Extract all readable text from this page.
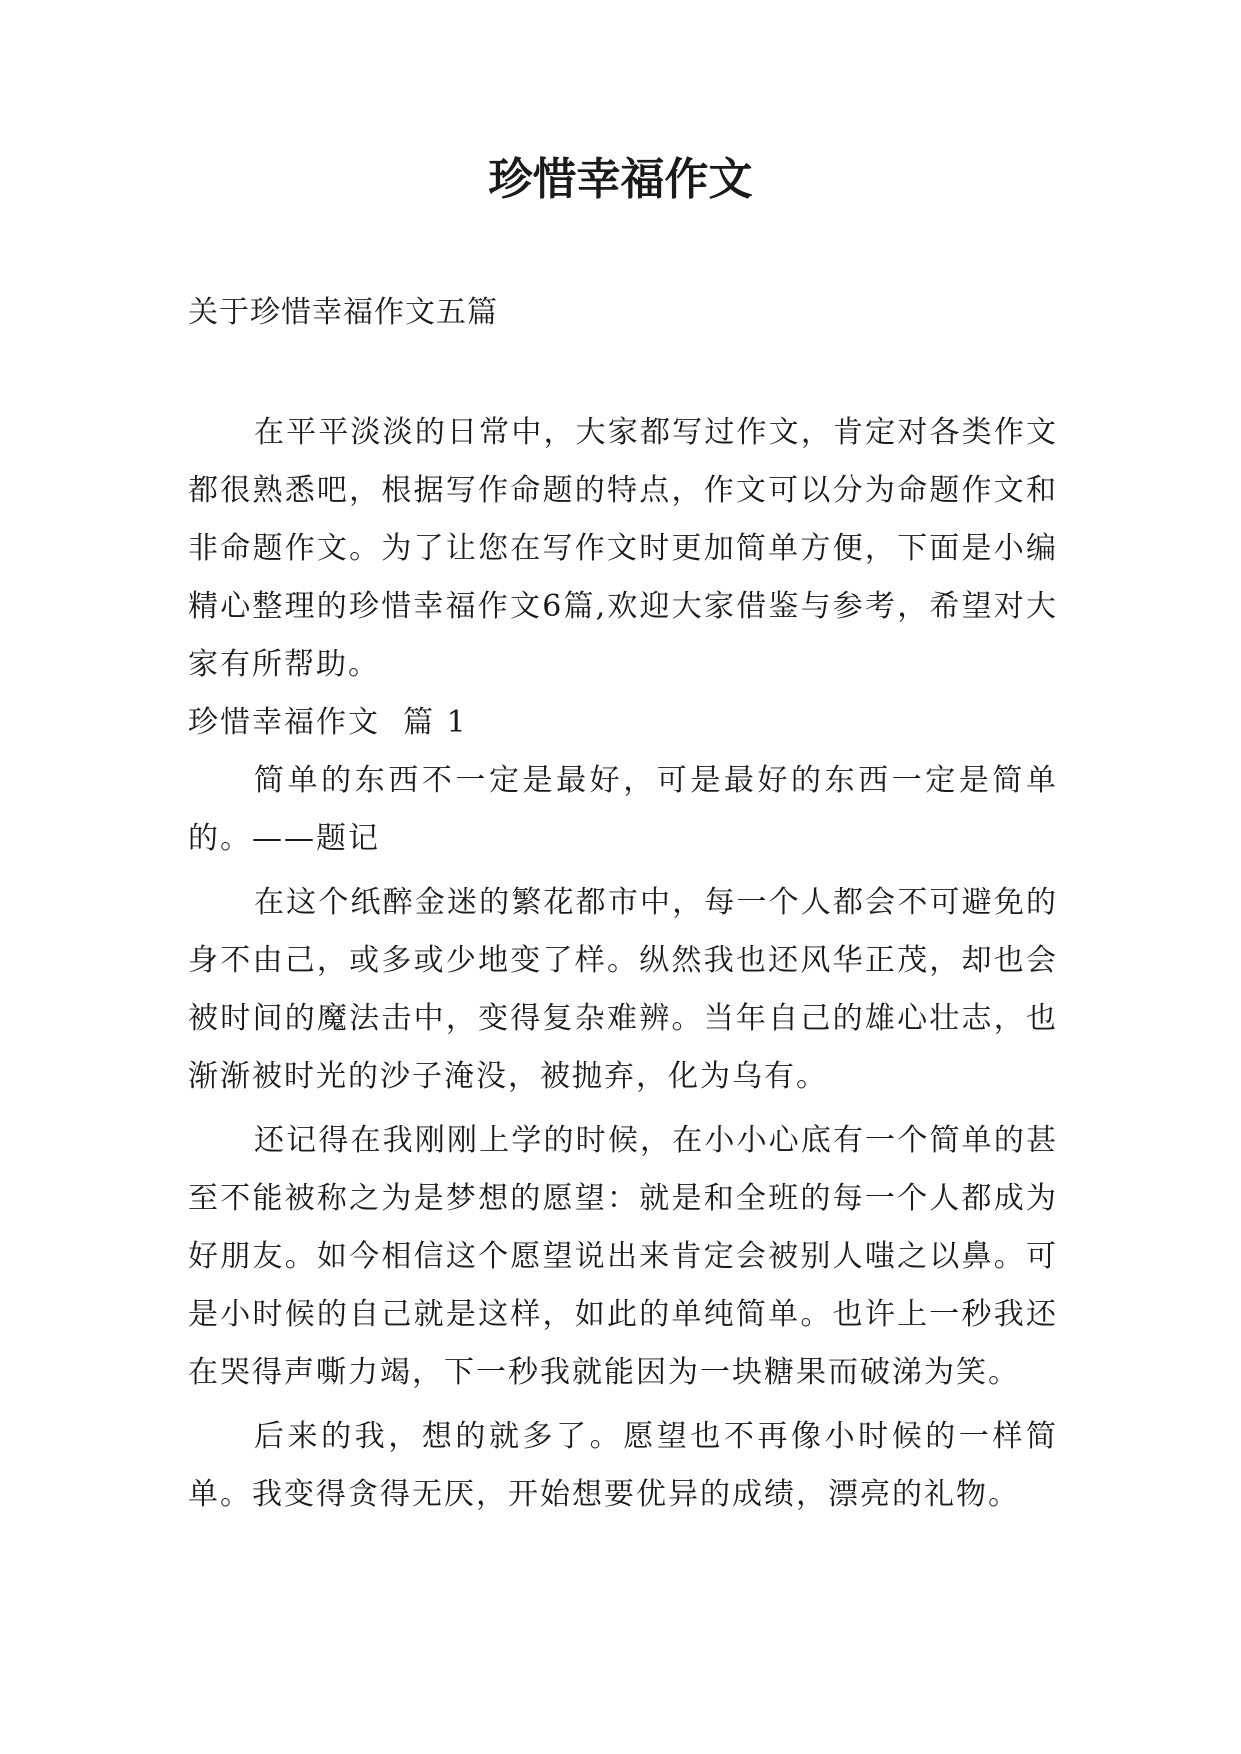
珍惜幸福作文

关于珍惜幸福作文五篇

在平平淡淡的日常中，大家都写过作文，肯定对各类作文都很熟悉吧，根据写作命题的特点，作文可以分为命题作文和非命题作文。为了让您在写作文时更加简单方便，下面是小编精心整理的珍惜幸福作文6篇,欢迎大家借鉴与参考，希望对大家有所帮助。

珍惜幸福作文  篇 1

简单的东西不一定是最好，可是最好的东西一定是简单的。——题记

在这个纸醉金迷的繁花都市中，每一个人都会不可避免的身不由己，或多或少地变了样。纵然我也还风华正茂，却也会被时间的魔法击中，变得复杂难辨。当年自己的雄心壮志，也渐渐被时光的沙子淹没，被抛弃，化为乌有。

还记得在我刚刚上学的时候，在小小心底有一个简单的甚至不能被称之为是梦想的愿望：就是和全班的每一个人都成为好朋友。如今相信这个愿望说出来肯定会被别人嗤之以鼻。可是小时候的自己就是这样，如此的单纯简单。也许上一秒我还在哭得声嘶力竭，下一秒我就能因为一块糖果而破涕为笑。

后来的我，想的就多了。愿望也不再像小时候的一样简单。我变得贪得无厌，开始想要优异的成绩，漂亮的礼物。
